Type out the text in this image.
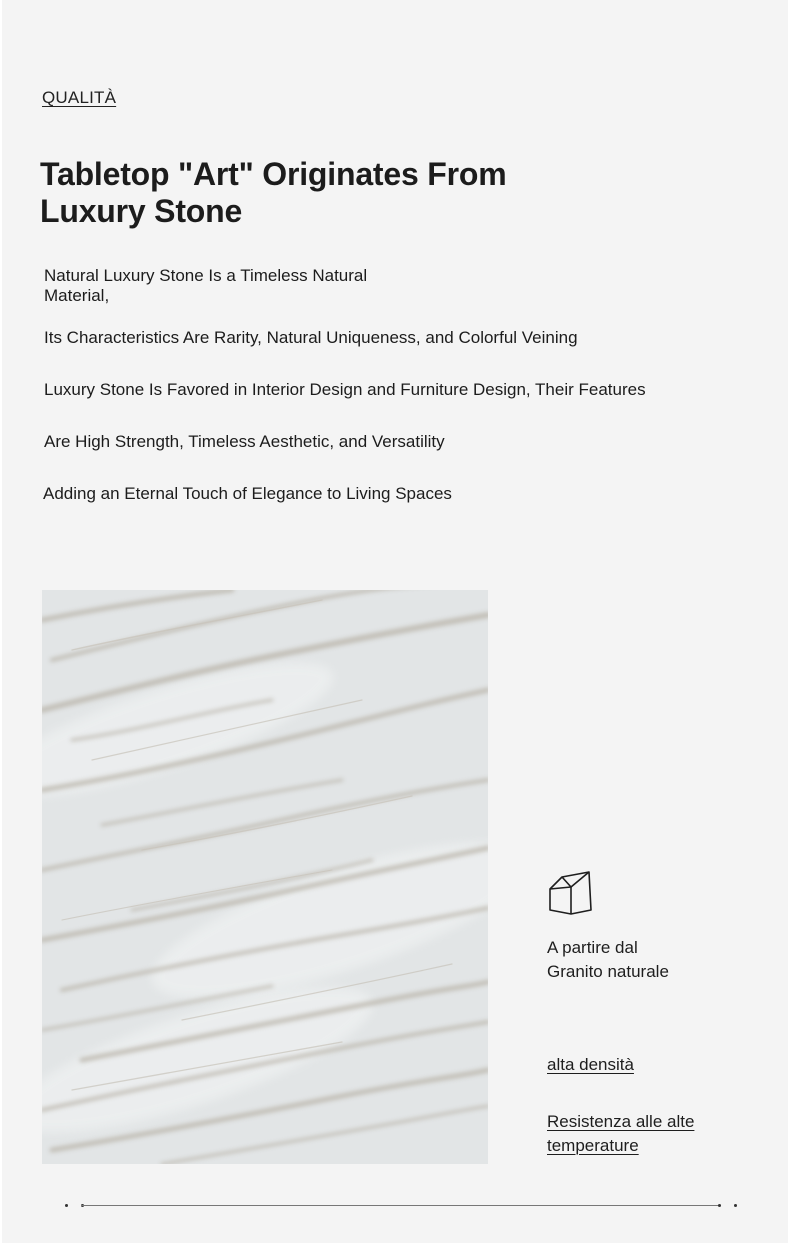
QUALITÀ
Tabletop "Art" Originates From
Luxury Stone

Natural Luxury Stone Is a Timeless Natural Material,

Its Characteristics Are Rarity, Natural Uniqueness, and Colorful Veining

Luxury Stone Is Favored in Interior Design and Furniture Design, Their Features

Are High Strength, Timeless Aesthetic, and Versatility

Adding an Eternal Touch of Elegance to Living Spaces

A partire dal
Granito naturale
alta densità
Resistenza alle alte temperature
